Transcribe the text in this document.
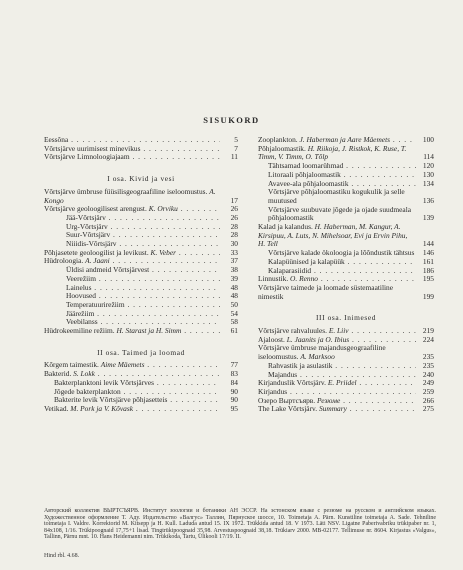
SISUKORD
Eessõna . . .	5
Võrtsjärve uurimisest minevikus . . .	7
Võrtsjärve Limnoloogiajaam . . .	11
I osa. Kivid ja vesi
Võrtsjärve ümbruse füüsilisgeograafiline iseloomustus. A. Kongo	17
Võrtsjärve geoloogilisest arengust. K. Orviku . . .	26
Jää-Võrtsjärv . . .	26
Urg-Võrtsjärv . . .	28
Suur-Võrtsjärv . . .	28
Niiidis-Võrtsjärv . . .	30
Põhjasetete geoloogilist ja levikust. K. Veber . . .	33
Hüdroloogia. A. Jaani . . .	37
Üldisi andmeid Võrtsjärvest . . .	38
Veerežiim . . .	39
Lainelus . . .	48
Hoovused . . .	48
Temperatuurirežiim . . .	50
Jäärežiim . . .	54
Veebilanss . . .	58
Hüdrokeemiline režiim. H. Starast ja H. Simm . . .	61
II osa. Taimed ja loomad
Kõrgem taimestik. Aime Mäemets . . .	77
Bakterid. S. Lokk . . .	83
Bakterplanktoni levik Võrtsjärves . . .	84
Jõgede bakterplankton . . .	90
Bakterite levik Võrtsjärve põhjasetteis . . .	90
Vetikad. M. Pork ja V. Kõvask . . .	95
Zooplankton. J. Haberman ja Aare Mäemets . . .	100
Põhjaloomastik. H. Riikoja, J. Ristkok, K. Ruse, T. Timm, V. Timm, O. Tõlp	114
Tähtsamad loomarühmad . . .	120
Litoraali põhjaloomastik . . .	130
Avavee-ala põhjaloomastik . . .	134
Võrtsjärve põhjaloomastiku kogukulik ja selle muutused	136
Võrtsjärve suubuvate jõgede ja ojade suudmeala põhjaloomastik	139
Kalad ja kalandus. H. Haberman, M. Kangur, A. Kirsipuu, A. Luts, N. Mihelsoar, Evi ja Ervin Pihu, H. Tell	144
Võrtsjärve kalade ökoloogia ja lõõndustik tähtsus	146
Kalapüünised ja kalapüük . . .	161
Kalaparasiidid . . .	186
Linnustik. O. Renno . . .	195
Võrtsjärve taimede ja loomade süstemaatiline nimestik	199
III osa. Inimesed
Võrtsjärve rahvaluules. E. Liiv . . .	219
Ajaloost. L. Jaanits ja O. Ibius . . .	224
Võrtsjärve ümbruse majandusgeograafiline iseloomustus. A. Marksoo	235
Rahvastik ja asulastik . . .	235
Majandus . . .	240
Kirjanduslik Võrtsjärv. E. Priidel . . .	249
Kirjandus . . .	259
Озеро Выртсъярв. Резюме . . .	266
The Lake Võrtsjärv. Summary . . .	275
Авторский коллектив ВЫРТСЪЯРВ. Институт зоологии и ботаники АН ЭССР. На эстонском языке с резюме на русском и английском языках. Художественное оформление Т. Аду. Издательство «Валгус» Таллин, Пярнуское шоссе, 10. Toimetaja A. Pärn. Kunstiline toimetaja A. Sade. Tehniline toimetaja I. Valdre. Korrektorid M. Kitsepp ja H. Kull. Laduda antud 15. IX 1972. Trükkida antud 18. V 1973. Läti NSV. Ligatne Paberivabriku trükipaber nr. 1, 84x108, 1/16. Trükipoognaid 17,75+1 lisad. Tingtrükipoognaid 35,98. Arvestuspoognaid 38,18. Trükiarv 2000. MB-02177. Tellimuse nr. 8604. Kirjastus «Valgus», Tallinn, Pärnu mnt. 10. Hans Heidemanni nim. Trükikoda, Tartu, Ülikooli 17/19. II.
Hind rbl. 4.68.
